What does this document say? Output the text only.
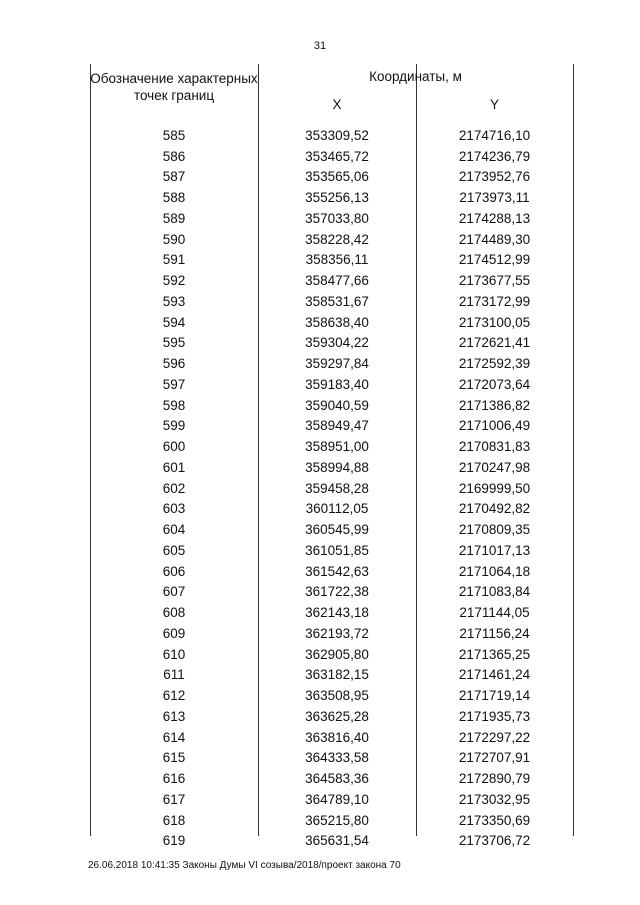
31
Обозначение характерных точек границ
Координаты, м
X	Y
585	353309,52	2174716,10
586	353465,72	2174236,79
587	353565,06	2173952,76
588	355256,13	2173973,11
589	357033,80	2174288,13
590	358228,42	2174489,30
591	358356,11	2174512,99
592	358477,66	2173677,55
593	358531,67	2173172,99
594	358638,40	2173100,05
595	359304,22	2172621,41
596	359297,84	2172592,39
597	359183,40	2172073,64
598	359040,59	2171386,82
599	358949,47	2171006,49
600	358951,00	2170831,83
601	358994,88	2170247,98
602	359458,28	2169999,50
603	360112,05	2170492,82
604	360545,99	2170809,35
605	361051,85	2171017,13
606	361542,63	2171064,18
607	361722,38	2171083,84
608	362143,18	2171144,05
609	362193,72	2171156,24
610	362905,80	2171365,25
611	363182,15	2171461,24
612	363508,95	2171719,14
613	363625,28	2171935,73
614	363816,40	2172297,22
615	364333,58	2172707,91
616	364583,36	2172890,79
617	364789,10	2173032,95
618	365215,80	2173350,69
619	365631,54	2173706,72
26.06.2018 10:41:35 Законы Думы VI созыва/2018/проект закона 70
